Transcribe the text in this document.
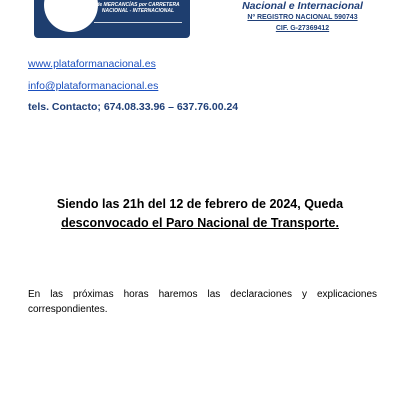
de MERCANCÍAS por CARRETERA
NACIONAL - INTERNACIONAL	Nacional e Internacional
Nº REGISTRO NACIONAL 590743
CIF. G-27369412
www.plataformanacional.es
info@plataformanacional.es
tels. Contacto; 674.08.33.96 – 637.76.00.24
Siendo las 21h del 12 de febrero de 2024, Queda
desconvocado el Paro Nacional de Transporte.
En las próximas horas haremos las declaraciones y explicaciones
correspondientes.
